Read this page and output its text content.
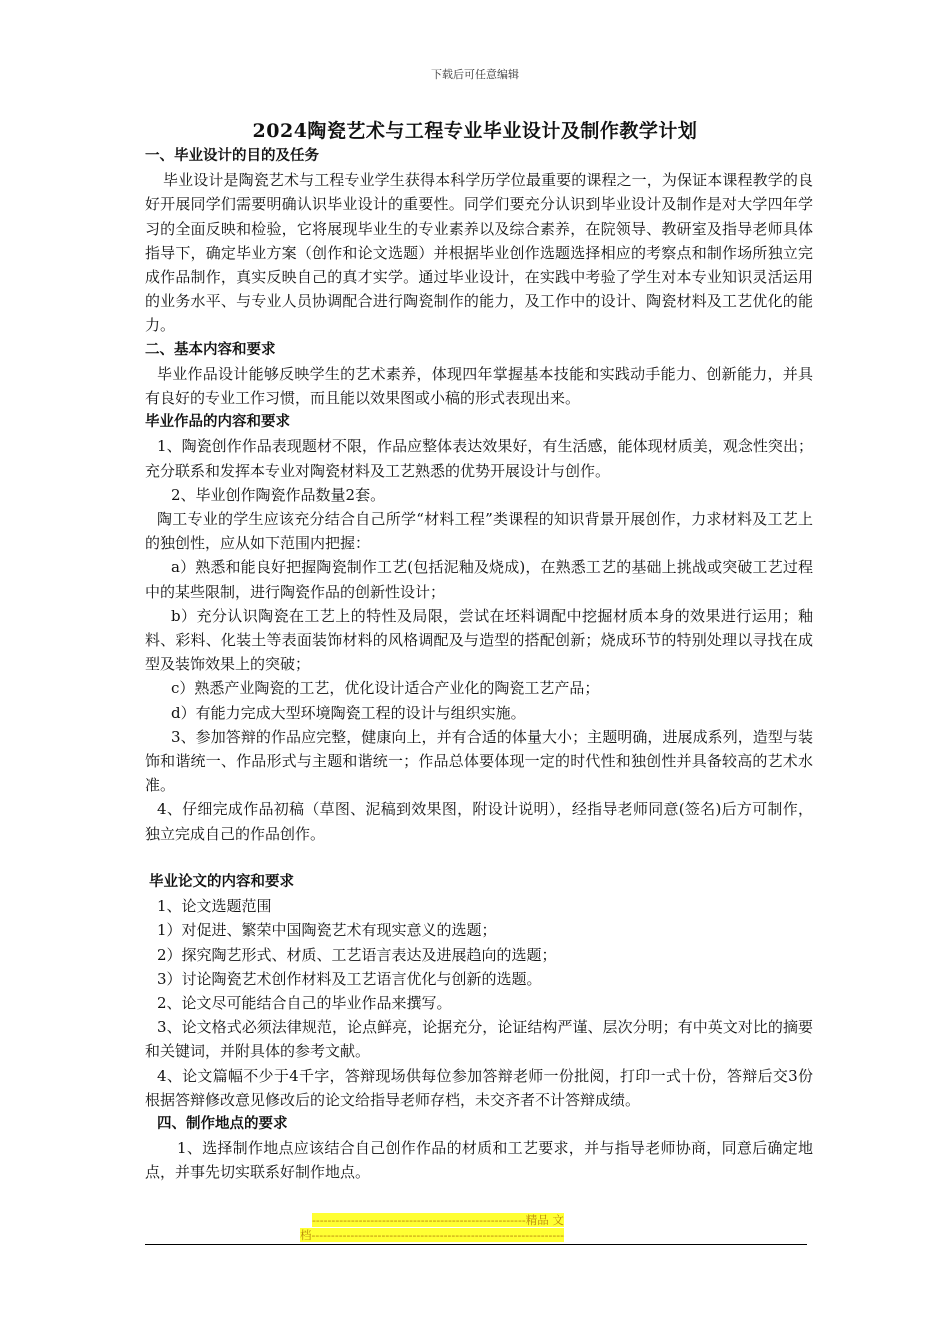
下载后可任意编辑
2024陶瓷艺术与工程专业毕业设计及制作教学计划

一、毕业设计的目的及任务

毕业设计是陶瓷艺术与工程专业学生获得本科学历学位最重要的课程之一，为保证本课程教学的良好开展同学们需要明确认识毕业设计的重要性。同学们要充分认识到毕业设计及制作是对大学四年学习的全面反映和检验，它将展现毕业生的专业素养以及综合素养，在院领导、教研室及指导老师具体指导下，确定毕业方案（创作和论文选题）并根据毕业创作选题选择相应的考察点和制作场所独立完成作品制作，真实反映自己的真才实学。通过毕业设计，在实践中考验了学生对本专业知识灵活运用的业务水平、与专业人员协调配合进行陶瓷制作的能力，及工作中的设计、陶瓷材料及工艺优化的能力。

二、基本内容和要求

毕业作品设计能够反映学生的艺术素养，体现四年掌握基本技能和实践动手能力、创新能力，并具有良好的专业工作习惯，而且能以效果图或小稿的形式表现出来。

毕业作品的内容和要求

1、陶瓷创作作品表现题材不限，作品应整体表达效果好，有生活感，能体现材质美，观念性突出；充分联系和发挥本专业对陶瓷材料及工艺熟悉的优势开展设计与创作。

2、毕业创作陶瓷作品数量2套。

陶工专业的学生应该充分结合自己所学“材料工程”类课程的知识背景开展创作，力求材料及工艺上的独创性，应从如下范围内把握：

a）熟悉和能良好把握陶瓷制作工艺(包括泥釉及烧成)，在熟悉工艺的基础上挑战或突破工艺过程中的某些限制，进行陶瓷作品的创新性设计；

b）充分认识陶瓷在工艺上的特性及局限，尝试在坯料调配中挖掘材质本身的效果进行运用；釉料、彩料、化装土等表面装饰材料的风格调配及与造型的搭配创新；烧成环节的特别处理以寻找在成型及装饰效果上的突破；

c）熟悉产业陶瓷的工艺，优化设计适合产业化的陶瓷工艺产品；

d）有能力完成大型环境陶瓷工程的设计与组织实施。

3、参加答辩的作品应完整，健康向上，并有合适的体量大小；主题明确，进展成系列，造型与装饰和谐统一、作品形式与主题和谐统一；作品总体要体现一定的时代性和独创性并具备较高的艺术水准。

4、仔细完成作品初稿（草图、泥稿到效果图，附设计说明），经指导老师同意(签名)后方可制作，独立完成自己的作品创作。

毕业论文的内容和要求

1、论文选题范围

1）对促进、繁荣中国陶瓷艺术有现实意义的选题；

2）探究陶艺形式、材质、工艺语言表达及进展趋向的选题；

3）讨论陶瓷艺术创作材料及工艺语言优化与创新的选题。

2、论文尽可能结合自己的毕业作品来撰写。

3、论文格式必须法律规范，论点鲜亮，论据充分，论证结构严谨、层次分明；有中英文对比的摘要和关键词，并附具体的参考文献。

4、论文篇幅不少于4千字，答辩现场供每位参加答辩老师一份批阅，打印一式十份，答辩后交3份根据答辩修改意见修改后的论文给指导老师存档，未交齐者不计答辩成绩。

四、制作地点的要求

1、选择制作地点应该结合自己创作作品的材质和工艺要求，并与指导老师协商，同意后确定地点，并事先切实联系好制作地点。

-------------------------------------------------------精品 文
档-----------------------------------------------------------------
